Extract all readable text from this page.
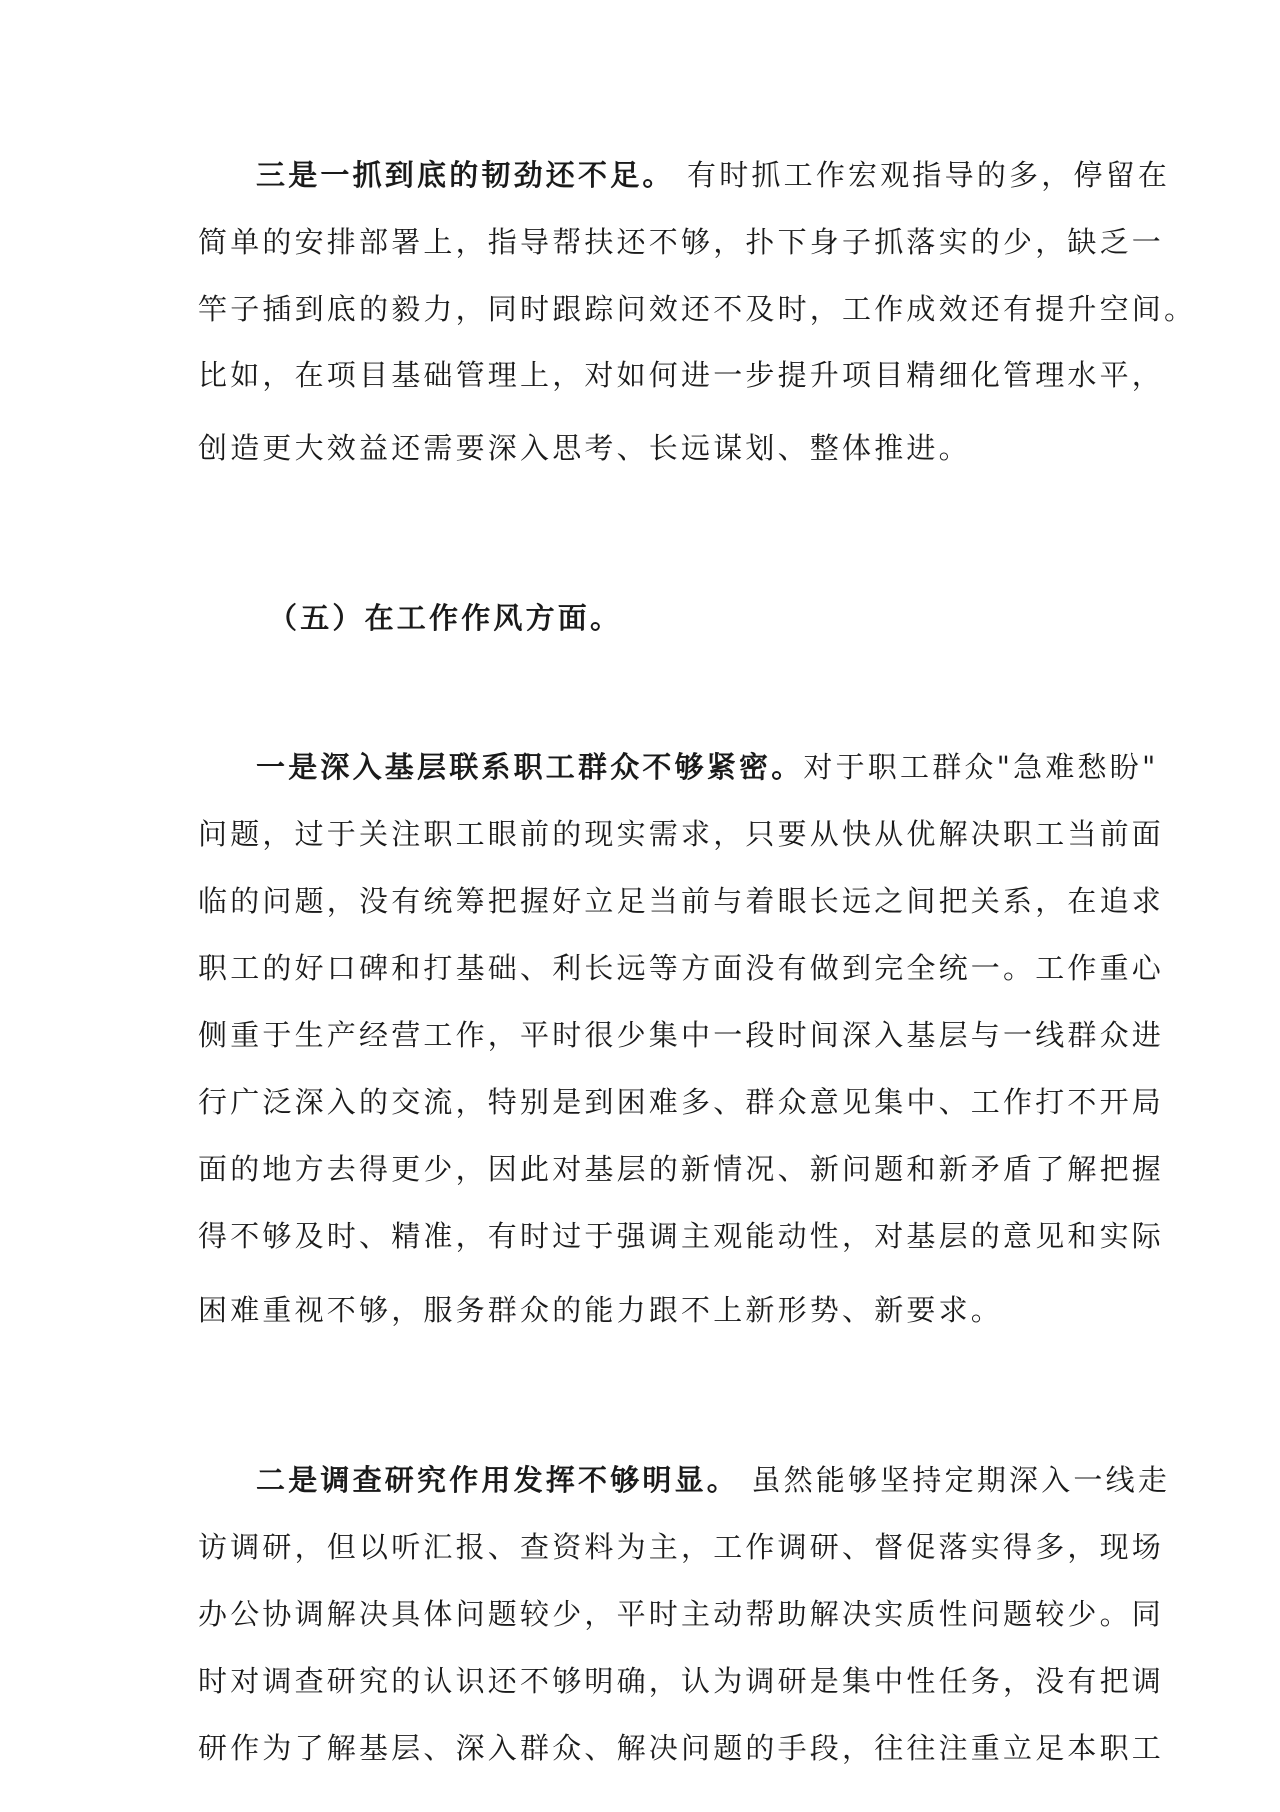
三是一抓到底的韧劲还不足。 有时抓工作宏观指导的多，停留在
简单的安排部署上，指导帮扶还不够，扑下身子抓落实的少，缺乏一
竿子插到底的毅力，同时跟踪问效还不及时，工作成效还有提升空间。
比如，在项目基础管理上，对如何进一步提升项目精细化管理水平，
创造更大效益还需要深入思考、长远谋划、整体推进。
（五）在工作作风方面。
一是深入基层联系职工群众不够紧密。对于职工群众"急难愁盼"
问题，过于关注职工眼前的现实需求，只要从快从优解决职工当前面
临的问题，没有统筹把握好立足当前与着眼长远之间把关系，在追求
职工的好口碑和打基础、利长远等方面没有做到完全统一。工作重心
侧重于生产经营工作，平时很少集中一段时间深入基层与一线群众进
行广泛深入的交流，特别是到困难多、群众意见集中、工作打不开局
面的地方去得更少，因此对基层的新情况、新问题和新矛盾了解把握
得不够及时、精准，有时过于强调主观能动性，对基层的意见和实际
困难重视不够，服务群众的能力跟不上新形势、新要求。
二是调查研究作用发挥不够明显。 虽然能够坚持定期深入一线走
访调研，但以听汇报、查资料为主，工作调研、督促落实得多，现场
办公协调解决具体问题较少，平时主动帮助解决实质性问题较少。同
时对调查研究的认识还不够明确，认为调研是集中性任务，没有把调
研作为了解基层、深入群众、解决问题的手段，往往注重立足本职工
